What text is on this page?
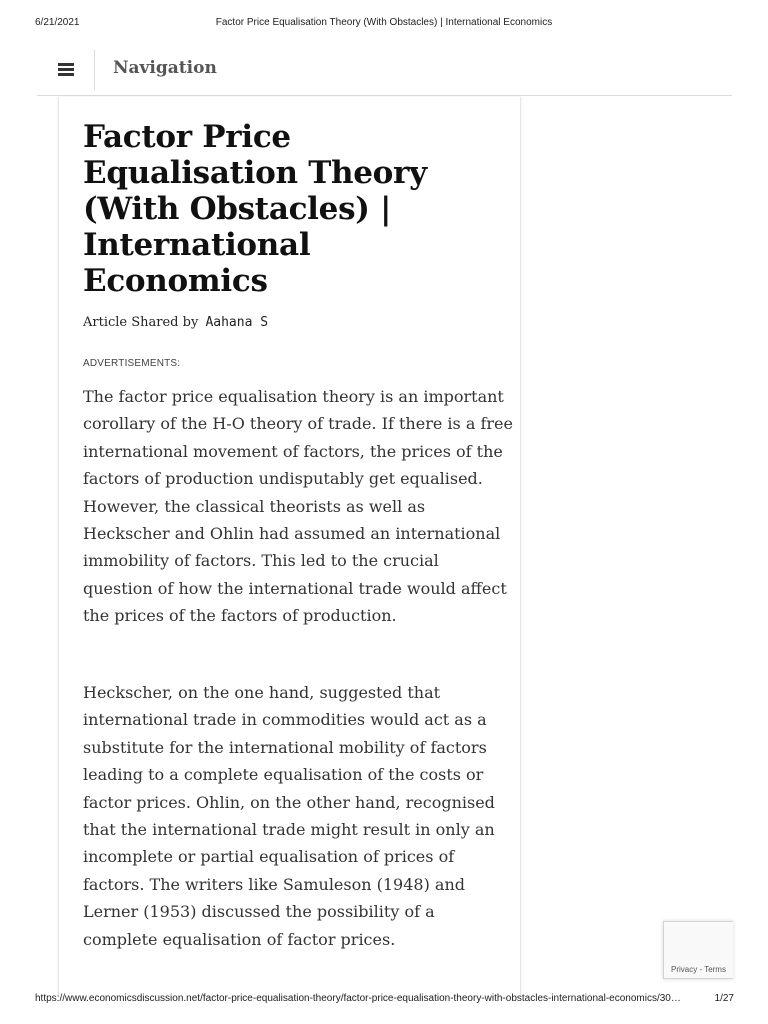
6/21/2021	Factor Price Equalisation Theory (With Obstacles) | International Economics
Navigation
Factor Price Equalisation Theory (With Obstacles) | International Economics
Article Shared by Aahana S
ADVERTISEMENTS:

The factor price equalisation theory is an important corollary of the H-O theory of trade. If there is a free international movement of factors, the prices of the factors of production undisputably get equalised. However, the classical theorists as well as Heckscher and Ohlin had assumed an international immobility of factors. This led to the crucial question of how the international trade would affect the prices of the factors of production.

Heckscher, on the one hand, suggested that international trade in commodities would act as a substitute for the international mobility of factors leading to a complete equalisation of the costs or factor prices. Ohlin, on the other hand, recognised that the international trade might result in only an incomplete or partial equalisation of prices of factors. The writers like Samuleson (1948) and Lerner (1953) discussed the possibility of a complete equalisation of factor prices.

Privacy - Terms
https://www.economicsdiscussion.net/factor-price-equalisation-theory/factor-price-equalisation-theory-with-obstacles-international-economics/30…	1/27
